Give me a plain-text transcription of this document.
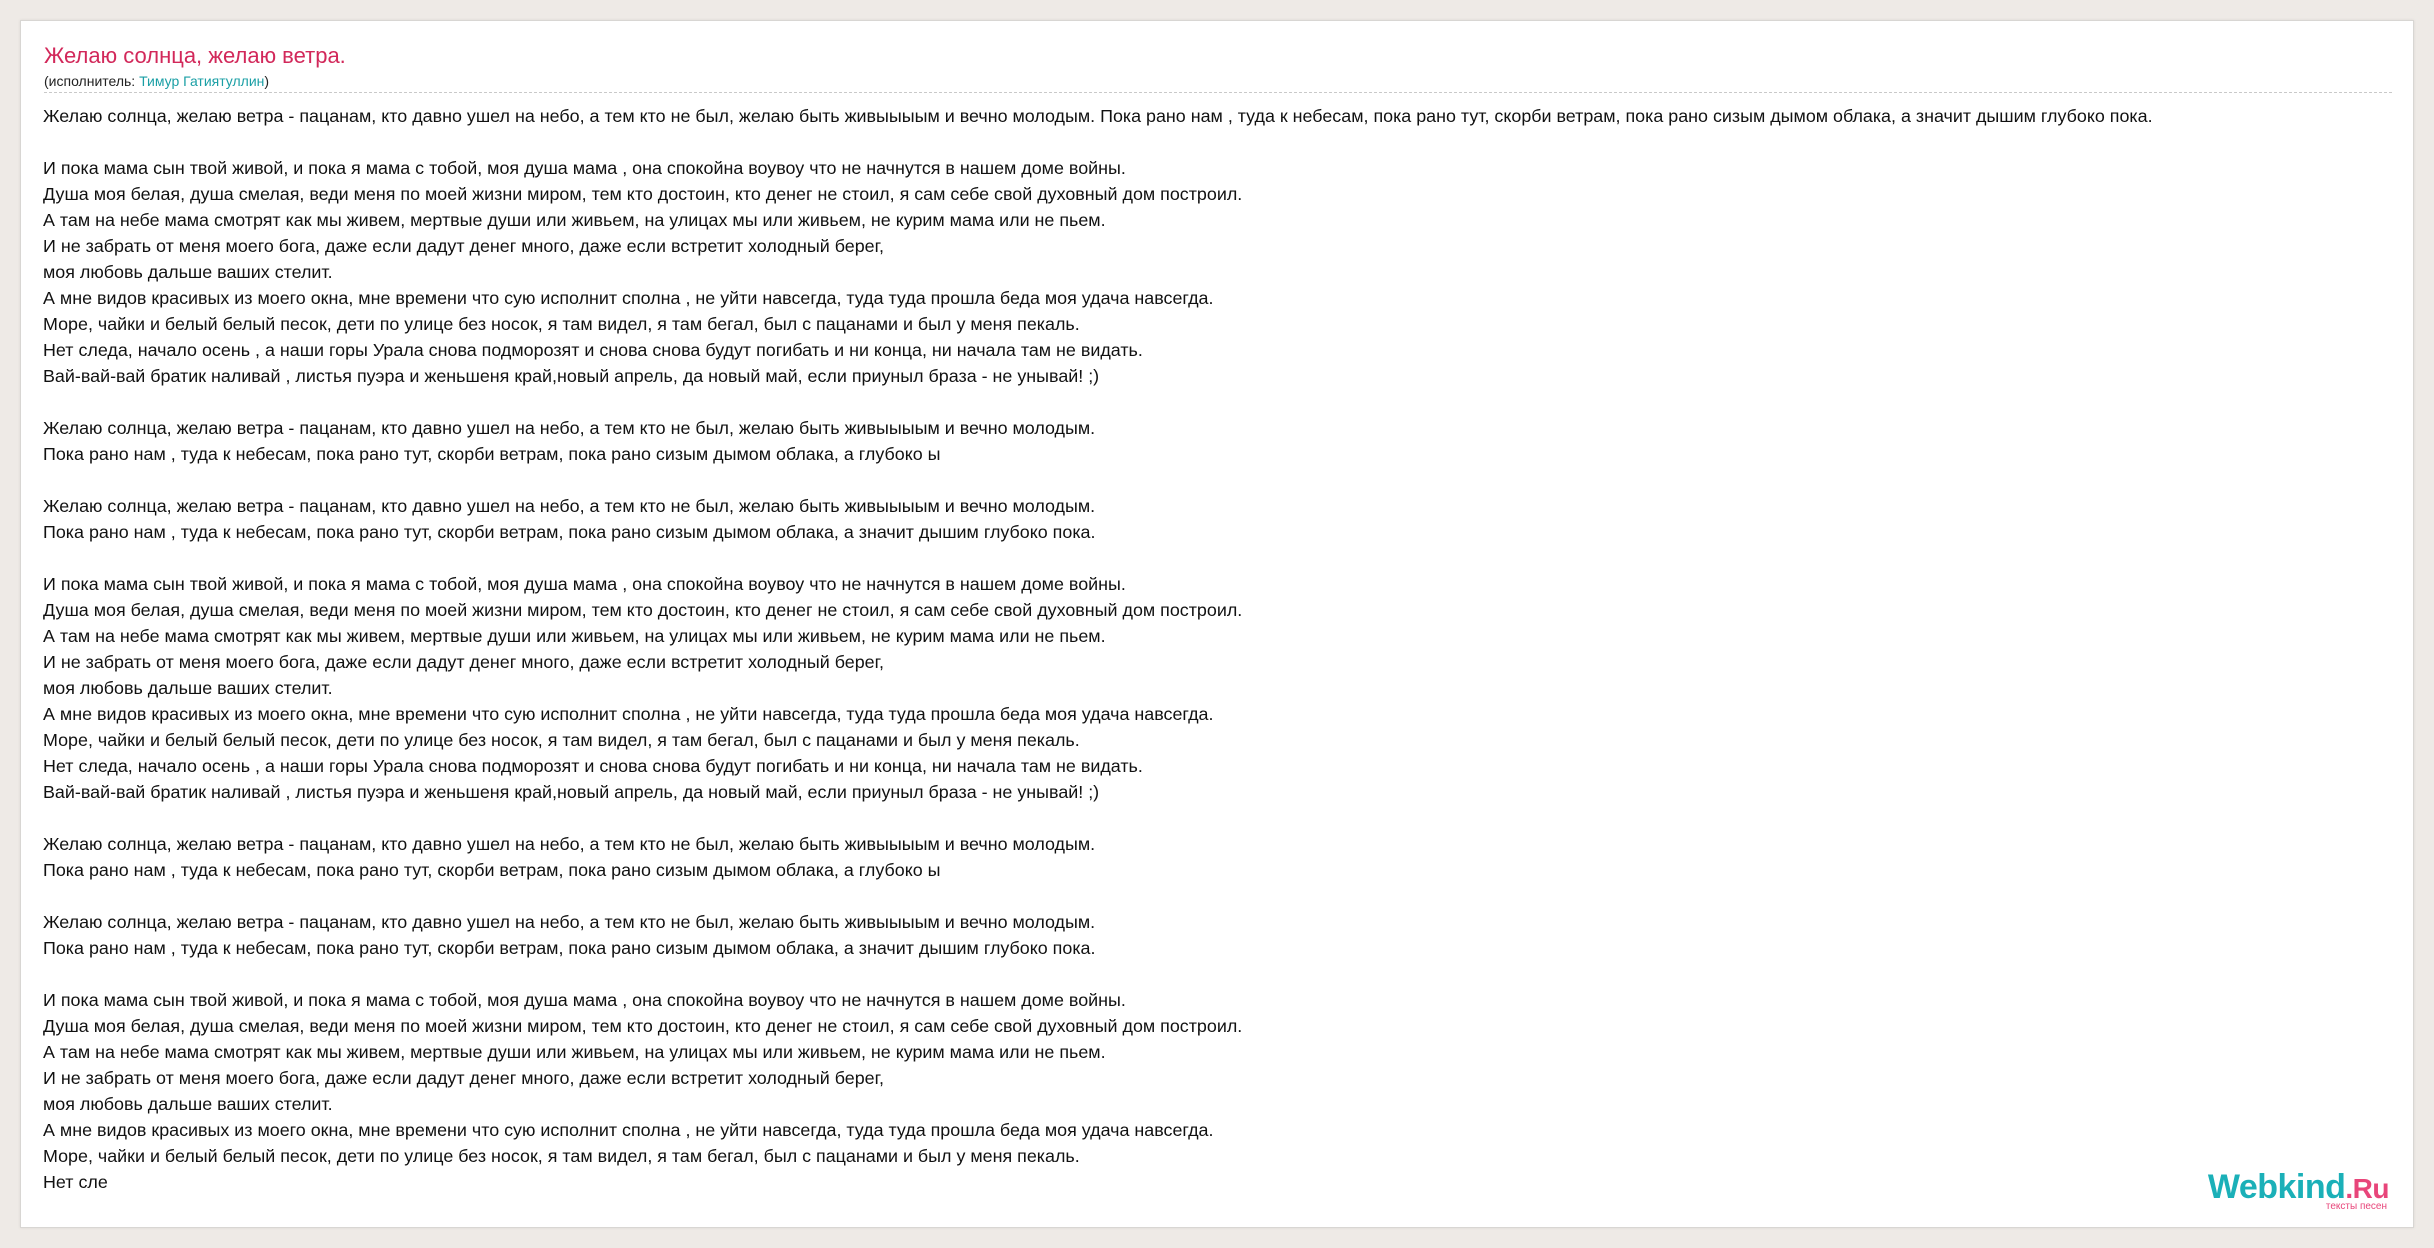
Желаю солнца, желаю ветра.
(исполнитель: Тимур Гатиятуллин)
Желаю солнца, желаю ветра - пацанам, кто давно ушел на небо, а тем кто не был, желаю быть живыыыым и вечно молодым. Пока рано нам , туда к небесам, пока рано тут, скорби ветрам, пока рано сизым дымом облака, а значит дышим глубоко пока.

И пока мама сын твой живой, и пока я мама с тобой, моя душа мама , она спокойна воувоу что не начнутся в нашем доме войны.
Душа моя белая, душа смелая, веди меня по моей жизни миром, тем кто достоин, кто денег не стоил, я сам себе свой духовный дом построил.
А там на небе мама смотрят как мы живем, мертвые души или живьем, на улицах мы или живьем, не курим мама или не пьем.
И не забрать от меня моего бога, даже если дадут денег много, даже если встретит холодный берег,
моя любовь дальше ваших стелит.
А мне видов красивых из моего окна, мне времени что сую исполнит сполна , не уйти навсегда, туда туда прошла беда моя удача навсегда.
Море, чайки и белый белый песок, дети по улице без носок, я там видел, я там бегал, был с пацанами и был у меня пекаль.
Нет следа, начало осень , а наши горы Урала снова подморозят и снова снова будут погибать и ни конца, ни начала там не видать.
Вай-вай-вай братик наливай , листья пуэра и женьшеня край,новый апрель, да новый май, если приуныл браза - не унывай! ;)

Желаю солнца, желаю ветра - пацанам, кто давно ушел на небо, а тем кто не был, желаю быть живыыыым и вечно молодым.
Пока рано нам , туда к небесам, пока рано тут, скорби ветрам, пока рано сизым дымом облака, а глубоко ы

Желаю солнца, желаю ветра - пацанам, кто давно ушел на небо, а тем кто не был, желаю быть живыыыым и вечно молодым.
Пока рано нам , туда к небесам, пока рано тут, скорби ветрам, пока рано сизым дымом облака, а значит дышим глубоко пока.

И пока мама сын твой живой, и пока я мама с тобой, моя душа мама , она спокойна воувоу что не начнутся в нашем доме войны.
Душа моя белая, душа смелая, веди меня по моей жизни миром, тем кто достоин, кто денег не стоил, я сам себе свой духовный дом построил.
А там на небе мама смотрят как мы живем, мертвые души или живьем, на улицах мы или живьем, не курим мама или не пьем.
И не забрать от меня моего бога, даже если дадут денег много, даже если встретит холодный берег,
моя любовь дальше ваших стелит.
А мне видов красивых из моего окна, мне времени что сую исполнит сполна , не уйти навсегда, туда туда прошла беда моя удача навсегда.
Море, чайки и белый белый песок, дети по улице без носок, я там видел, я там бегал, был с пацанами и был у меня пекаль.
Нет следа, начало осень , а наши горы Урала снова подморозят и снова снова будут погибать и ни конца, ни начала там не видать.
Вай-вай-вай братик наливай , листья пуэра и женьшеня край,новый апрель, да новый май, если приуныл браза - не унывай! ;)

Желаю солнца, желаю ветра - пацанам, кто давно ушел на небо, а тем кто не был, желаю быть живыыыым и вечно молодым.
Пока рано нам , туда к небесам, пока рано тут, скорби ветрам, пока рано сизым дымом облака, а глубоко ы

Желаю солнца, желаю ветра - пацанам, кто давно ушел на небо, а тем кто не был, желаю быть живыыыым и вечно молодым.
Пока рано нам , туда к небесам, пока рано тут, скорби ветрам, пока рано сизым дымом облака, а значит дышим глубоко пока.

И пока мама сын твой живой, и пока я мама с тобой, моя душа мама , она спокойна воувоу что не начнутся в нашем доме войны.
Душа моя белая, душа смелая, веди меня по моей жизни миром, тем кто достоин, кто денег не стоил, я сам себе свой духовный дом построил.
А там на небе мама смотрят как мы живем, мертвые души или живьем, на улицах мы или живьем, не курим мама или не пьем.
И не забрать от меня моего бога, даже если дадут денег много, даже если встретит холодный берег,
моя любовь дальше ваших стелит.
А мне видов красивых из моего окна, мне времени что сую исполнит сполна , не уйти навсегда, туда туда прошла беда моя удача навсегда.
Море, чайки и белый белый песок, дети по улице без носок, я там видел, я там бегал, был с пацанами и был у меня пекаль.
Нет сле	Webkind.Ru
тексты песен
